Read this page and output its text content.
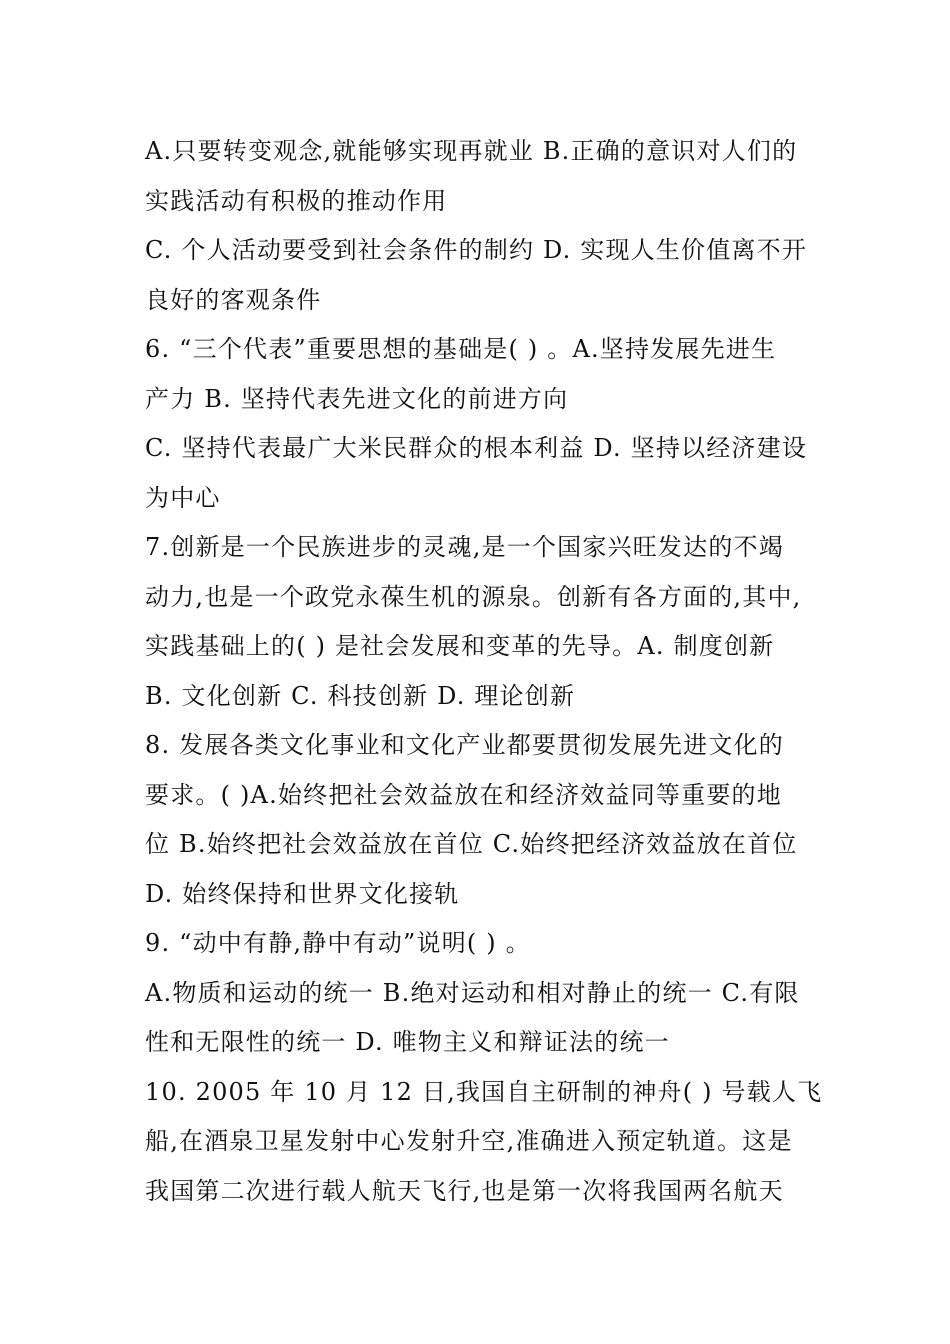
A.只要转变观念,就能够实现再就业 B.正确的意识对人们的
实践活动有积极的推动作用
C. 个人活动要受到社会条件的制约 D. 实现人生价值离不开
良好的客观条件
6. “三个代表”重要思想的基础是( ) 。A.坚持发展先进生
产力 B. 坚持代表先进文化的前进方向
C. 坚持代表最广大米民群众的根本利益 D. 坚持以经济建设
为中心
7.创新是一个民族进步的灵魂,是一个国家兴旺发达的不竭
动力,也是一个政党永葆生机的源泉。创新有各方面的,其中,
实践基础上的( ) 是社会发展和变革的先导。A. 制度创新
B. 文化创新 C. 科技创新 D. 理论创新
8. 发展各类文化事业和文化产业都要贯彻发展先进文化的
要求。( )A.始终把社会效益放在和经济效益同等重要的地
位 B.始终把社会效益放在首位 C.始终把经济效益放在首位
D. 始终保持和世界文化接轨
9. “动中有静,静中有动”说明( ) 。
A.物质和运动的统一 B.绝对运动和相对静止的统一 C.有限
性和无限性的统一 D. 唯物主义和辩证法的统一
10. 2005 年 10 月 12 日,我国自主研制的神舟( ) 号载人飞
船,在酒泉卫星发射中心发射升空,准确进入预定轨道。这是
我国第二次进行载人航天飞行,也是第一次将我国两名航天
